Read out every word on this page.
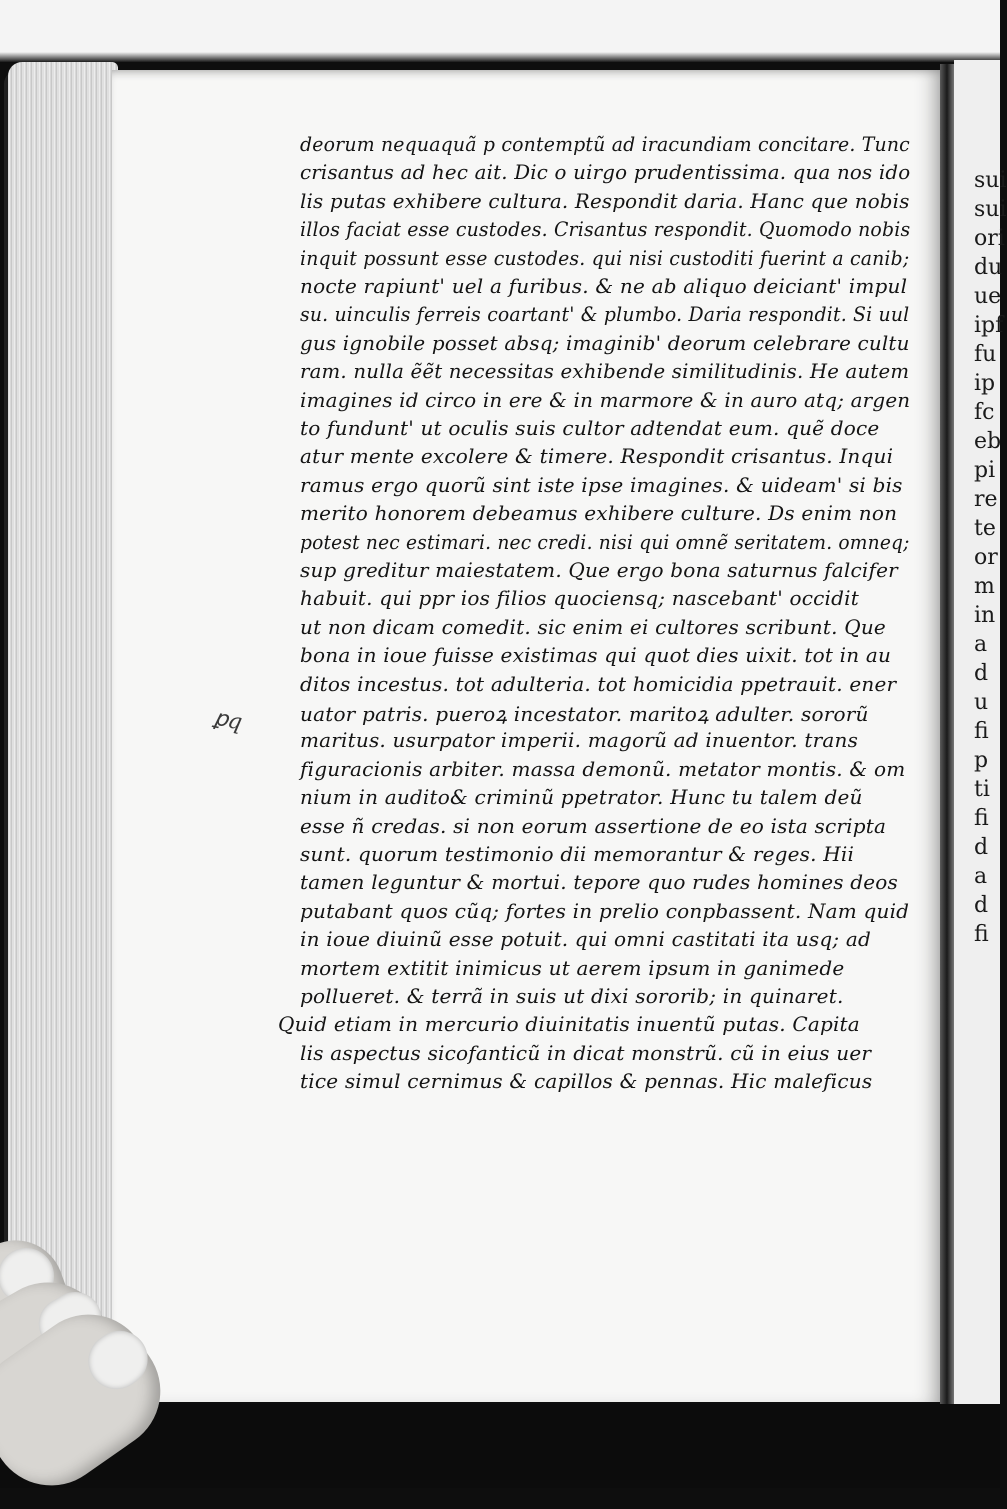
sui
sui
ori
du
ue
ipf
fu
ip
fc
eb
pi
re
te
or
m
in
a
d
u
fi
p
ti
fi
d
a
d
fi
deorum nequaquã p contemptũ ad iracundiam concitare. Tunc
crisantus ad hec ait. Dic o uirgo prudentissima. qua nos ido
lis putas exhibere cultura. Respondit daria. Hanc que nobis
illos faciat esse custodes. Crisantus respondit. Quomodo nobis
inquit possunt esse custodes. qui nisi custoditi fuerint a canib;
nocte rapiunt' uel a furibus. & ne ab aliquo deiciant' impul
su. uinculis ferreis coartant' & plumbo. Daria respondit. Si uul
gus ignobile posset absq; imaginib' deorum celebrare cultu
ram. nulla ẽẽt necessitas exhibende similitudinis. He autem
imagines id circo in ere & in marmore & in auro atq; argen
to fundunt' ut oculis suis cultor adtendat eum. quẽ doce
atur mente excolere & timere. Respondit crisantus. Inqui
ramus ergo quorũ sint iste ipse imagines. & uideam' si bis
merito honorem debeamus exhibere culture. Ds enim non
potest nec estimari. nec credi. nisi qui omnẽ seritatem. omneq;
sup greditur maiestatem. Que ergo bona saturnus falcifer
habuit. qui ppr ios filios quociensq; nascebant' occidit
ut non dicam comedit. sic enim ei cultores scribunt. Que
bona in ioue fuisse existimas qui quot dies uixit. tot in au
ditos incestus. tot adulteria. tot homicidia ppetrauit. ener
uator patris. pueroꝝ incestator. maritoꝝ adulter. sororũ
maritus. usurpator imperii. magorũ ad inuentor. trans
figuracionis arbiter. massa demonũ. metator montis. & om
nium in audito& criminũ ppetrator. Hunc tu talem deũ
esse ñ credas. si non eorum assertione de eo ista scripta
sunt. quorum testimonio dii memorantur & reges. Hii
tamen leguntur & mortui. tepore quo rudes homines deos
putabant quos cũq; fortes in prelio conpbassent. Nam quid
in ioue diuinũ esse potuit. qui omni castitati ita usq; ad
mortem extitit inimicus ut aerem ipsum in ganimede
pollueret. & terrã in suis ut dixi sororib; in quinaret.
Quid etiam in mercurio diuinitatis inuentũ putas. Capita
lis aspectus sicofanticũ in dicat monstrũ. cũ in eius uer
tice simul cernimus & capillos & pennas. Hic maleficus
ꝑq
